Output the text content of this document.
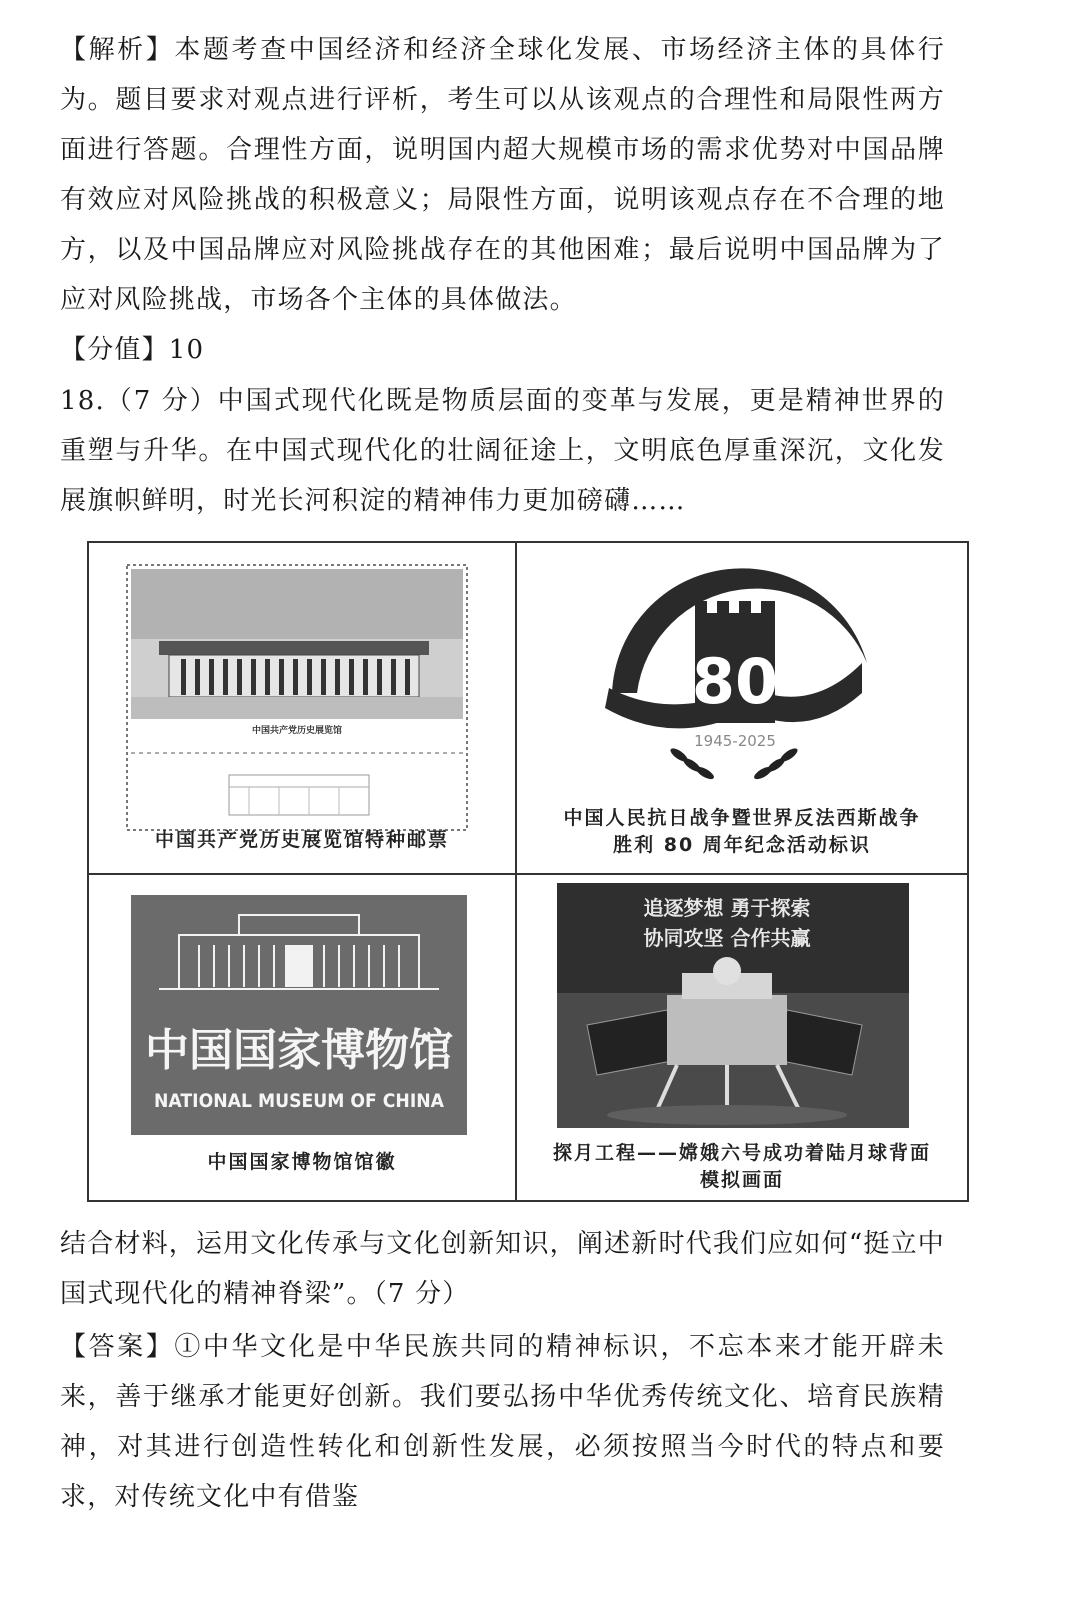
【解析】本题考查中国经济和经济全球化发展、市场经济主体的具体行为。题目要求对观点进行评析，考生可以从该观点的合理性和局限性两方面进行答题。合理性方面，说明国内超大规模市场的需求优势对中国品牌有效应对风险挑战的积极意义；局限性方面，说明该观点存在不合理的地方，以及中国品牌应对风险挑战存在的其他困难；最后说明中国品牌为了应对风险挑战，市场各个主体的具体做法。

【分值】10

18.（7 分）中国式现代化既是物质层面的变革与发展，更是精神世界的重塑与升华。在中国式现代化的壮阔征途上，文明底色厚重深沉，文化发展旗帜鲜明，时光长河积淀的精神伟力更加磅礴……

中国共产党历史展览馆
中国共产党历史展览馆特种邮票
80
1945-2025
中国人民抗日战争暨世界反法西斯战争
胜利 80 周年纪念活动标识
中国国家博物馆
NATIONAL MUSEUM OF CHINA
中国国家博物馆馆徽
追逐梦想 勇于探索
协同攻坚 合作共赢
探月工程——嫦娥六号成功着陆月球背面
模拟画面

结合材料，运用文化传承与文化创新知识，阐述新时代我们应如何“挺立中国式现代化的精神脊梁”。（7 分）

【答案】①中华文化是中华民族共同的精神标识，不忘本来才能开辟未来，善于继承才能更好创新。我们要弘扬中华优秀传统文化、培育民族精神，对其进行创造性转化和创新性发展，必须按照当今时代的特点和要求，对传统文化中有借鉴
